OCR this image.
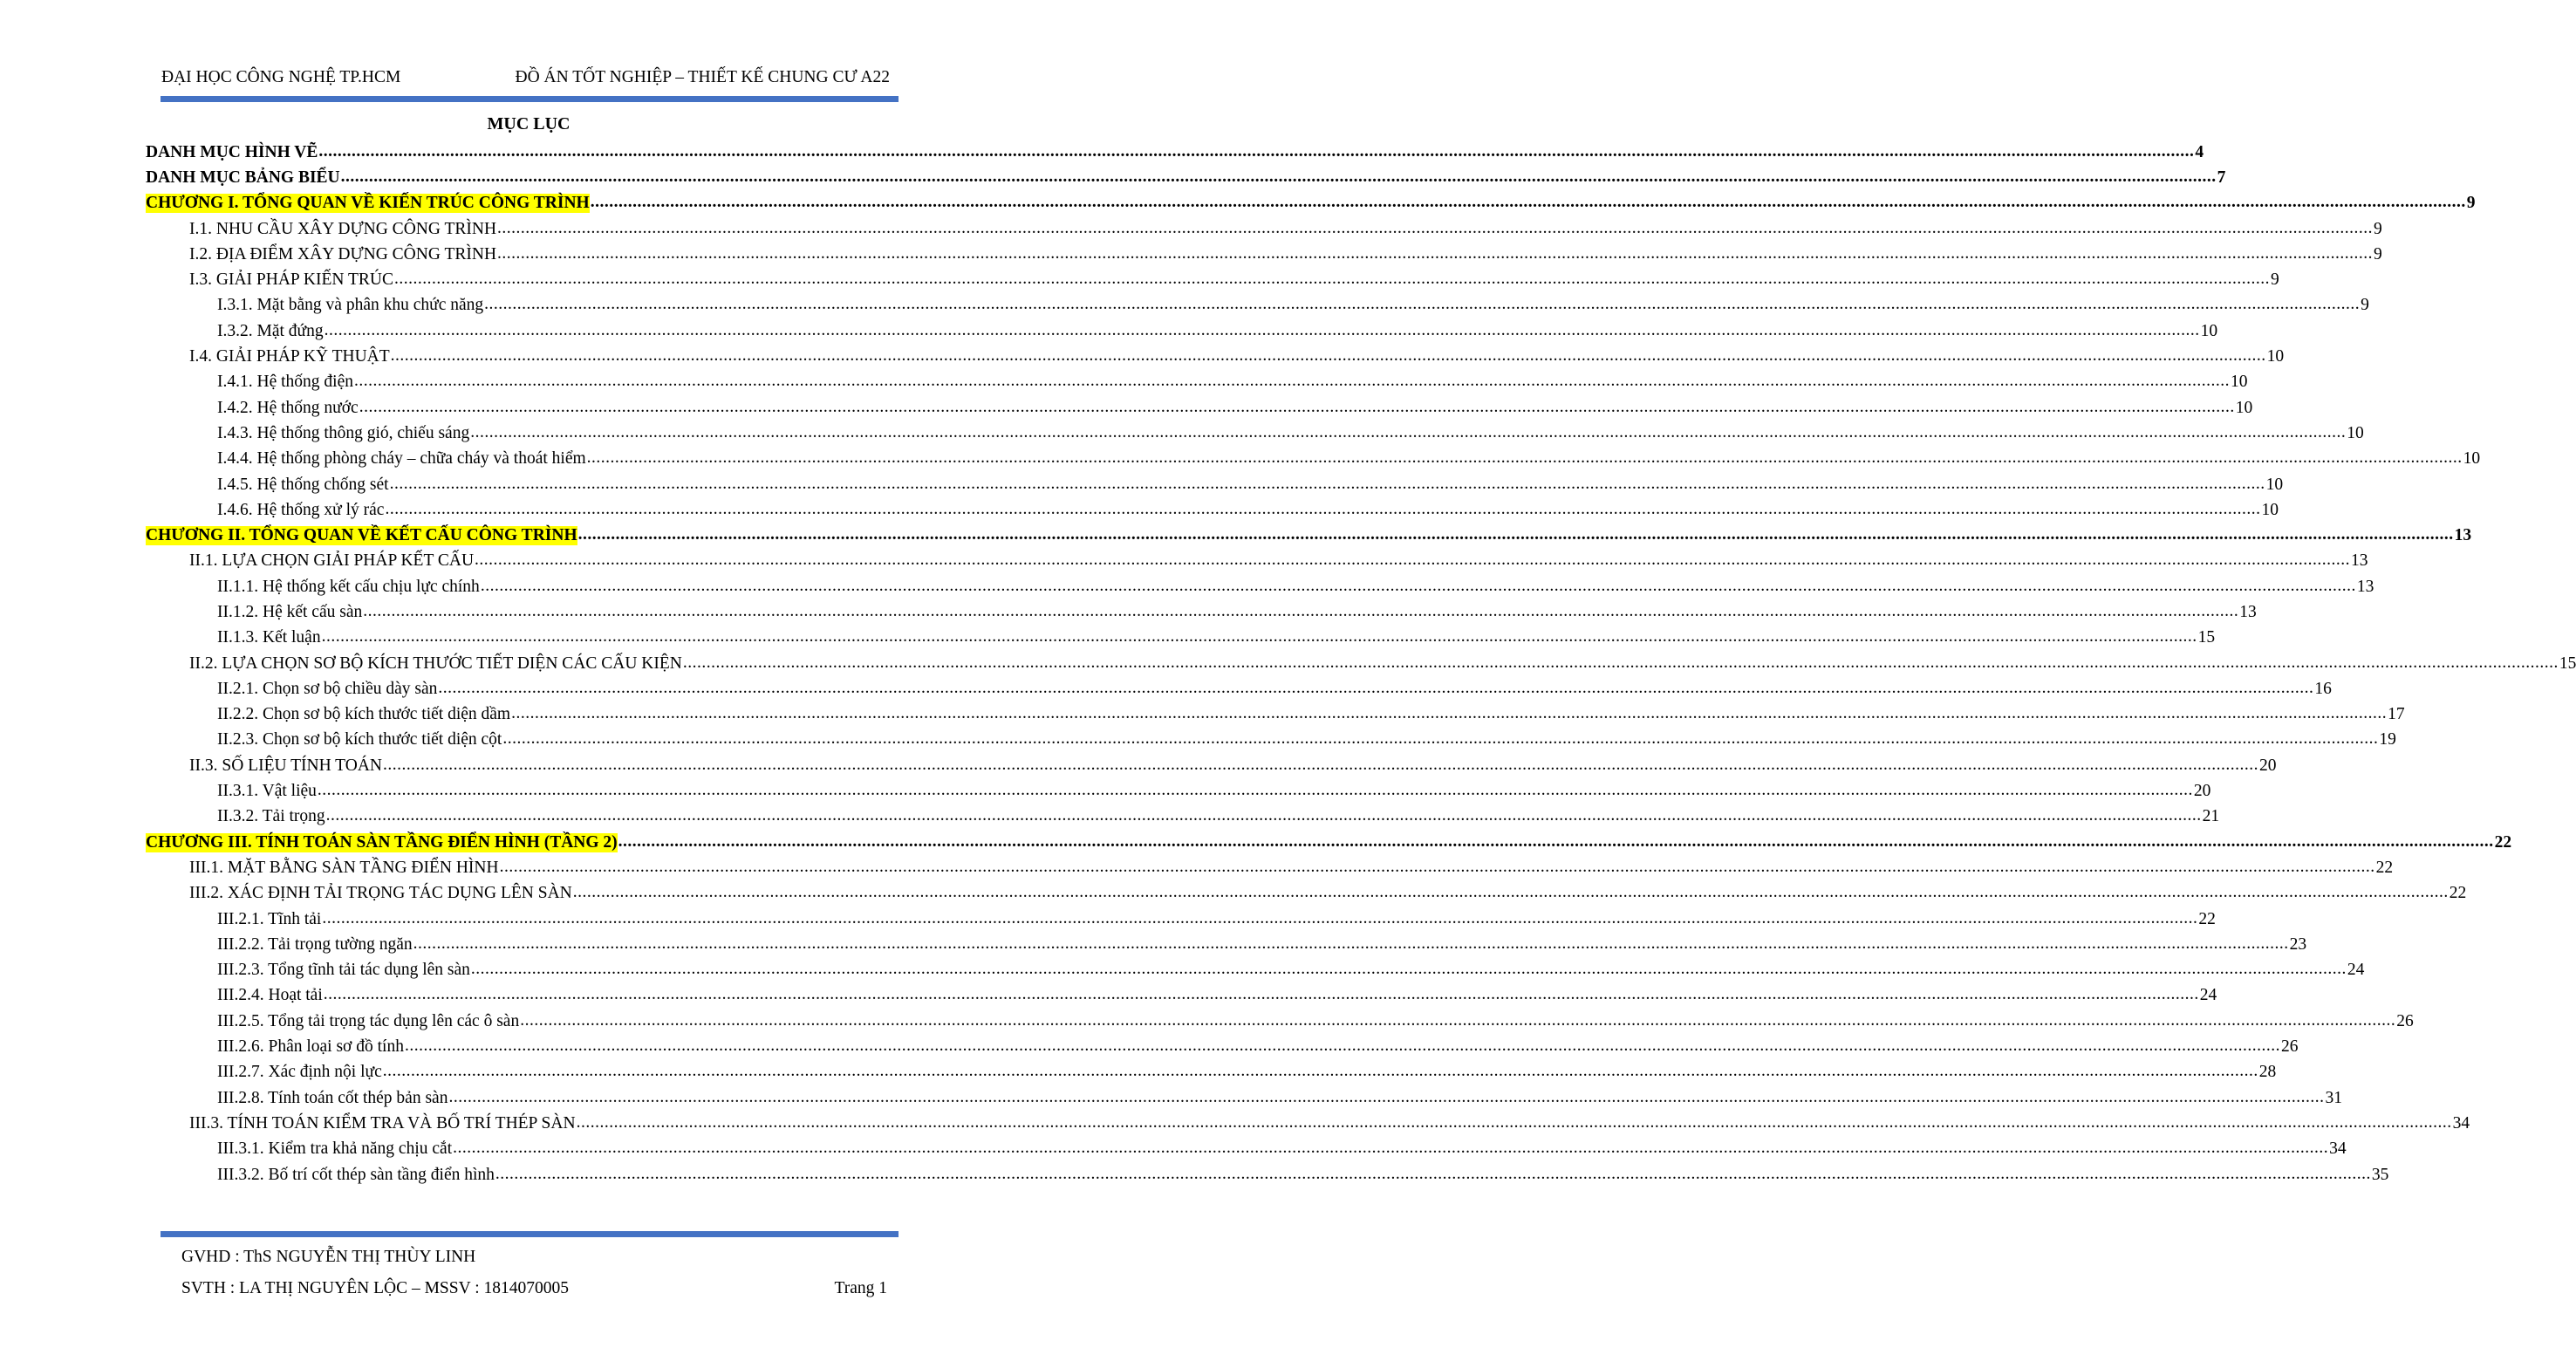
ĐẠI HỌC CÔNG NGHỆ TP.HCM	ĐỒ ÁN TỐT NGHIỆP – THIẾT KẾ CHUNG CƯ A22
MỤC LỤC
DANH MỤC HÌNH VẼ ................................................................................................................................................................................................................................................................................................................................................................................................................ 4
DANH MỤC BẢNG BIỂU ................................................................................................................................................................................................................................................................................................................................................................................................................ 7
CHƯƠNG I. TỔNG QUAN VỀ KIẾN TRÚC CÔNG TRÌNH ................................................................................................................................................................................................................................................................................................................................................................................................................ 9
I.1. NHU CẦU XÂY DỰNG CÔNG TRÌNH ................................................................................................................................................................................................................................................................................................................................................................................................................ 9
I.2. ĐỊA ĐIỂM XÂY DỰNG CÔNG TRÌNH ................................................................................................................................................................................................................................................................................................................................................................................................................ 9
I.3. GIẢI PHÁP KIẾN TRÚC ................................................................................................................................................................................................................................................................................................................................................................................................................ 9
I.3.1. Mặt bằng và phân khu chức năng ................................................................................................................................................................................................................................................................................................................................................................................................................ 9
I.3.2. Mặt đứng ................................................................................................................................................................................................................................................................................................................................................................................................................ 10
I.4. GIẢI PHÁP KỸ THUẬT ................................................................................................................................................................................................................................................................................................................................................................................................................ 10
I.4.1. Hệ thống điện ................................................................................................................................................................................................................................................................................................................................................................................................................ 10
I.4.2. Hệ thống nước ................................................................................................................................................................................................................................................................................................................................................................................................................ 10
I.4.3. Hệ thống thông gió, chiếu sáng ................................................................................................................................................................................................................................................................................................................................................................................................................ 10
I.4.4. Hệ thống phòng cháy – chữa cháy và thoát hiểm ................................................................................................................................................................................................................................................................................................................................................................................................................ 10
I.4.5. Hệ thống chống sét ................................................................................................................................................................................................................................................................................................................................................................................................................ 10
I.4.6. Hệ thống xử lý rác ................................................................................................................................................................................................................................................................................................................................................................................................................ 10
CHƯƠNG II. TỔNG QUAN VỀ KẾT CẤU CÔNG TRÌNH ................................................................................................................................................................................................................................................................................................................................................................................................................ 13
II.1. LỰA CHỌN GIẢI PHÁP KẾT CẤU ................................................................................................................................................................................................................................................................................................................................................................................................................ 13
II.1.1. Hệ thống kết cấu chịu lực chính ................................................................................................................................................................................................................................................................................................................................................................................................................ 13
II.1.2. Hệ kết cấu sàn ................................................................................................................................................................................................................................................................................................................................................................................................................ 13
II.1.3. Kết luận ................................................................................................................................................................................................................................................................................................................................................................................................................ 15
II.2. LỰA CHỌN SƠ BỘ KÍCH THƯỚC TIẾT DIỆN CÁC CẤU KIỆN ................................................................................................................................................................................................................................................................................................................................................................................................................ 15
II.2.1. Chọn sơ bộ chiều dày sàn ................................................................................................................................................................................................................................................................................................................................................................................................................ 16
II.2.2. Chọn sơ bộ kích thước tiết diện dầm ................................................................................................................................................................................................................................................................................................................................................................................................................ 17
II.2.3. Chọn sơ bộ kích thước tiết diện cột ................................................................................................................................................................................................................................................................................................................................................................................................................ 19
II.3. SỐ LIỆU TÍNH TOÁN ................................................................................................................................................................................................................................................................................................................................................................................................................ 20
II.3.1. Vật liệu ................................................................................................................................................................................................................................................................................................................................................................................................................ 20
II.3.2. Tải trọng ................................................................................................................................................................................................................................................................................................................................................................................................................ 21
CHƯƠNG III. TÍNH TOÁN SÀN TẦNG ĐIỂN HÌNH (TẦNG 2) ................................................................................................................................................................................................................................................................................................................................................................................................................ 22
III.1. MẶT BẰNG SÀN TẦNG ĐIỂN HÌNH ................................................................................................................................................................................................................................................................................................................................................................................................................ 22
III.2. XÁC ĐỊNH TẢI TRỌNG TÁC DỤNG LÊN SÀN ................................................................................................................................................................................................................................................................................................................................................................................................................ 22
III.2.1. Tĩnh tải ................................................................................................................................................................................................................................................................................................................................................................................................................ 22
III.2.2. Tải trọng tường ngăn ................................................................................................................................................................................................................................................................................................................................................................................................................ 23
III.2.3. Tổng tĩnh tải tác dụng lên sàn ................................................................................................................................................................................................................................................................................................................................................................................................................ 24
III.2.4. Hoạt tải ................................................................................................................................................................................................................................................................................................................................................................................................................ 24
III.2.5. Tổng tải trọng tác dụng lên các ô sàn ................................................................................................................................................................................................................................................................................................................................................................................................................ 26
III.2.6. Phân loại sơ đồ tính ................................................................................................................................................................................................................................................................................................................................................................................................................ 26
III.2.7. Xác định nội lực ................................................................................................................................................................................................................................................................................................................................................................................................................ 28
III.2.8. Tính toán cốt thép bản sàn ................................................................................................................................................................................................................................................................................................................................................................................................................ 31
III.3. TÍNH TOÁN KIỂM TRA VÀ BỐ TRÍ THÉP SÀN ................................................................................................................................................................................................................................................................................................................................................................................................................ 34
III.3.1. Kiểm tra khả năng chịu cắt ................................................................................................................................................................................................................................................................................................................................................................................................................ 34
III.3.2. Bố trí cốt thép sàn tầng điển hình ................................................................................................................................................................................................................................................................................................................................................................................................................ 35
GVHD : ThS NGUYỄN THỊ THÙY LINH
SVTH : LA THỊ NGUYÊN LỘC – MSSV : 1814070005	Trang 1
